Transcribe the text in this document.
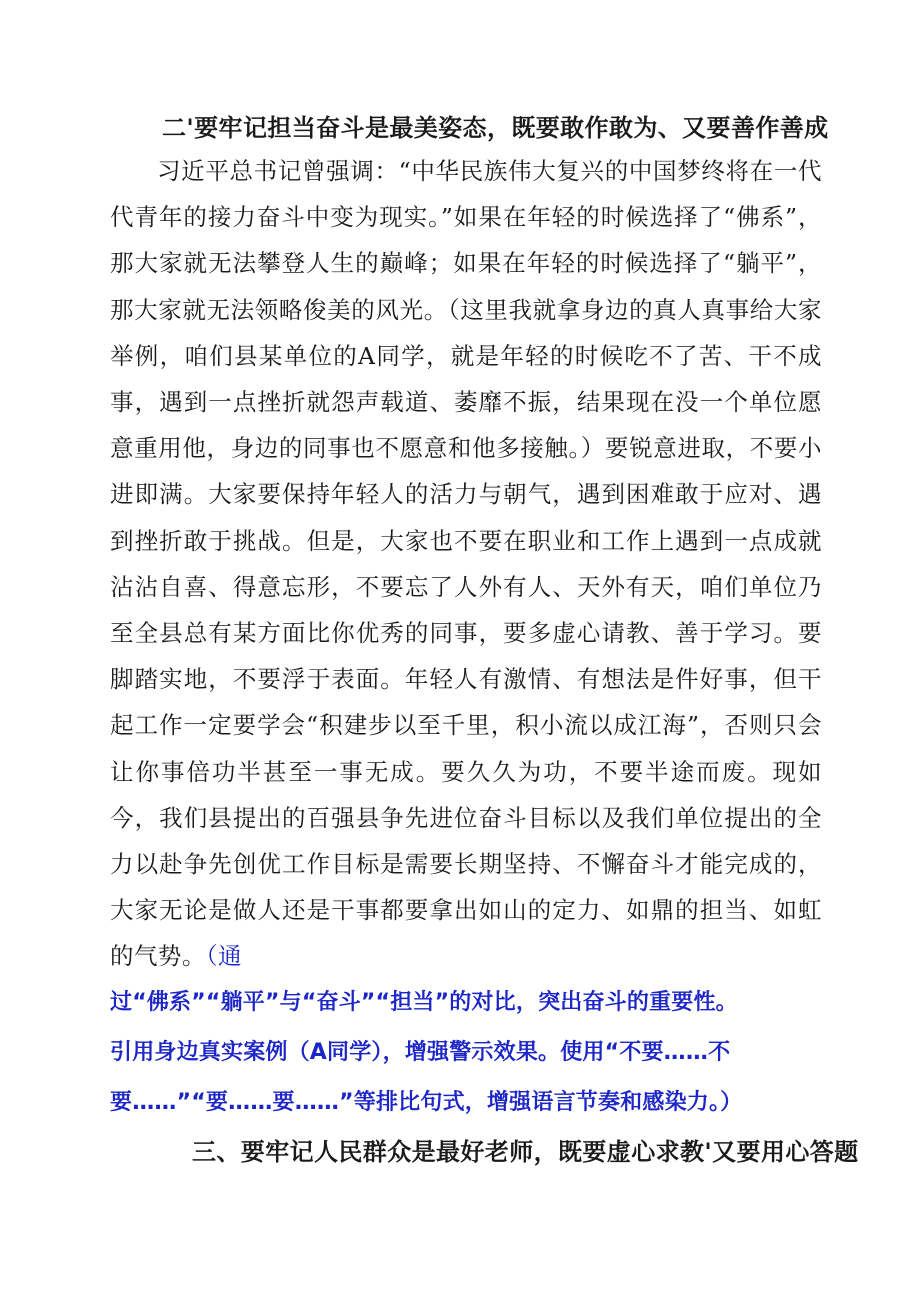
二'要牢记担当奋斗是最美姿态，既要敢作敢为、又要善作善成

习近平总书记曾强调：“中华民族伟大复兴的中国梦终将在一代代青年的接力奋斗中变为现实。”如果在年轻的时候选择了“佛系”，那大家就无法攀登人生的巅峰；如果在年轻的时候选择了“躺平”，那大家就无法领略俊美的风光。（这里我就拿身边的真人真事给大家举例，咱们县某单位的A同学，就是年轻的时候吃不了苦、干不成事，遇到一点挫折就怨声载道、萎靡不振，结果现在没一个单位愿意重用他，身边的同事也不愿意和他多接触。）要锐意进取，不要小进即满。大家要保持年轻人的活力与朝气，遇到困难敢于应对、遇到挫折敢于挑战。但是，大家也不要在职业和工作上遇到一点成就沾沾自喜、得意忘形，不要忘了人外有人、天外有天，咱们单位乃至全县总有某方面比你优秀的同事，要多虚心请教、善于学习。要脚踏实地，不要浮于表面。年轻人有激情、有想法是件好事，但干起工作一定要学会“积建步以至千里，积小流以成江海”，否则只会让你事倍功半甚至一事无成。要久久为功，不要半途而废。现如今，我们县提出的百强县争先进位奋斗目标以及我们单位提出的全力以赴争先创优工作目标是需要长期坚持、不懈奋斗才能完成的，大家无论是做人还是干事都要拿出如山的定力、如鼎的担当、如虹的气势。（通

过“佛系”“躺平”与“奋斗”“担当”的对比，突出奋斗的重要性。

引用身边真实案例（A同学），增强警示效果。使用“不要……不

要……”“要……要……”等排比句式，增强语言节奏和感染力。）

三、要牢记人民群众是最好老师，既要虚心求教'又要用心答题
